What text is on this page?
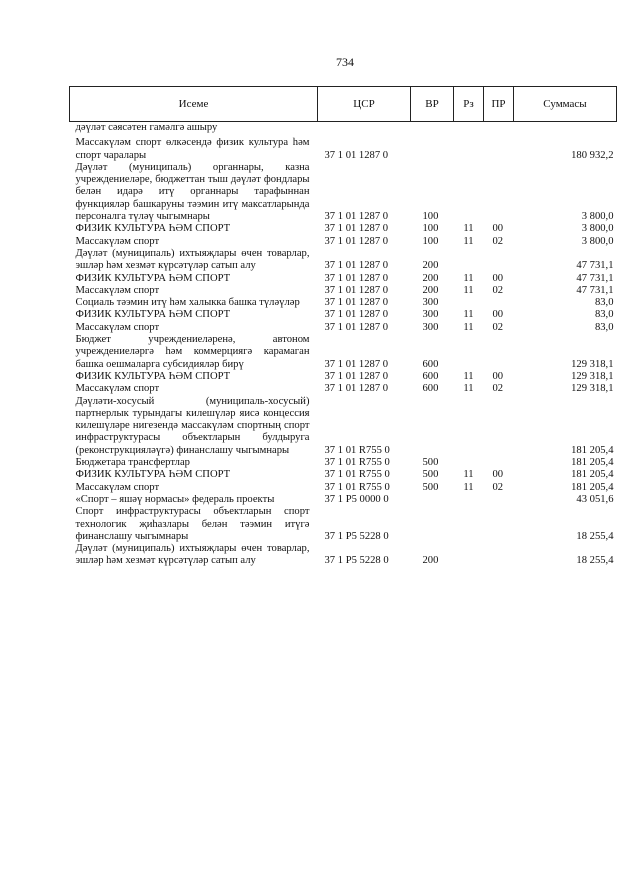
734
Исеме	ЦСР	ВР	Рз	ПР	Суммасы
дәүләт сәясәтен гамәлгә ашыру					

Массакүләм спорт өлкәсендә физик культура һәм спорт чаралары	37 1 01 1287 0				180 932,2
Дәүләт (муниципаль) органнары, казна учреждениеләре, бюджеттан тыш дәүләт фондлары белән идарә итү органнары тарафыннан функцияләр башкаруны тәэмин итү максатларында персоналга түләү чыгымнары	37 1 01 1287 0	100			3 800,0
ФИЗИК КУЛЬТУРА ҺӘМ СПОРТ	37 1 01 1287 0	100	11	00	3 800,0
Массакүләм спорт	37 1 01 1287 0	100	11	02	3 800,0
Дәүләт (муниципаль) ихтыяҗлары өчен товарлар, эшләр һәм хезмәт күрсәтүләр сатып алу	37 1 01 1287 0	200			47 731,1
ФИЗИК КУЛЬТУРА ҺӘМ СПОРТ	37 1 01 1287 0	200	11	00	47 731,1
Массакүләм спорт	37 1 01 1287 0	200	11	02	47 731,1
Социаль тәэмин итү һәм халыкка башка түләүләр	37 1 01 1287 0	300			83,0
ФИЗИК КУЛЬТУРА ҺӘМ СПОРТ	37 1 01 1287 0	300	11	00	83,0
Массакүләм спорт	37 1 01 1287 0	300	11	02	83,0
Бюджет учреждениеләренә, автоном учреждениеләргә һәм коммерциягә карамаган башка оешмаларга субсидияләр бирү	37 1 01 1287 0	600			129 318,1
ФИЗИК КУЛЬТУРА ҺӘМ СПОРТ	37 1 01 1287 0	600	11	00	129 318,1
Массакүләм спорт	37 1 01 1287 0	600	11	02	129 318,1
Дәүләти-хосусый (муниципаль-хосусый) партнерлык турындагы килешүләр яисә концессия килешүләре нигезендә массакүләм спортның спорт инфраструктурасы объектларын булдыруга (реконструкцияләүгә) финанслашу чыгымнары	37 1 01 R755 0				181 205,4
Бюджетара трансфертлар	37 1 01 R755 0	500			181 205,4
ФИЗИК КУЛЬТУРА ҺӘМ СПОРТ	37 1 01 R755 0	500	11	00	181 205,4
Массакүләм спорт	37 1 01 R755 0	500	11	02	181 205,4
«Спорт – яшәү нормасы» федераль проекты	37 1 P5 0000 0				43 051,6
Спорт инфраструктурасы объектларын спорт технологик җиһазлары белән тәэмин итүгә финанслашу чыгымнары	37 1 P5 5228 0				18 255,4
Дәүләт (муниципаль) ихтыяҗлары өчен товарлар, эшләр һәм хезмәт күрсәтүләр сатып алу	37 1 P5 5228 0	200			18 255,4
